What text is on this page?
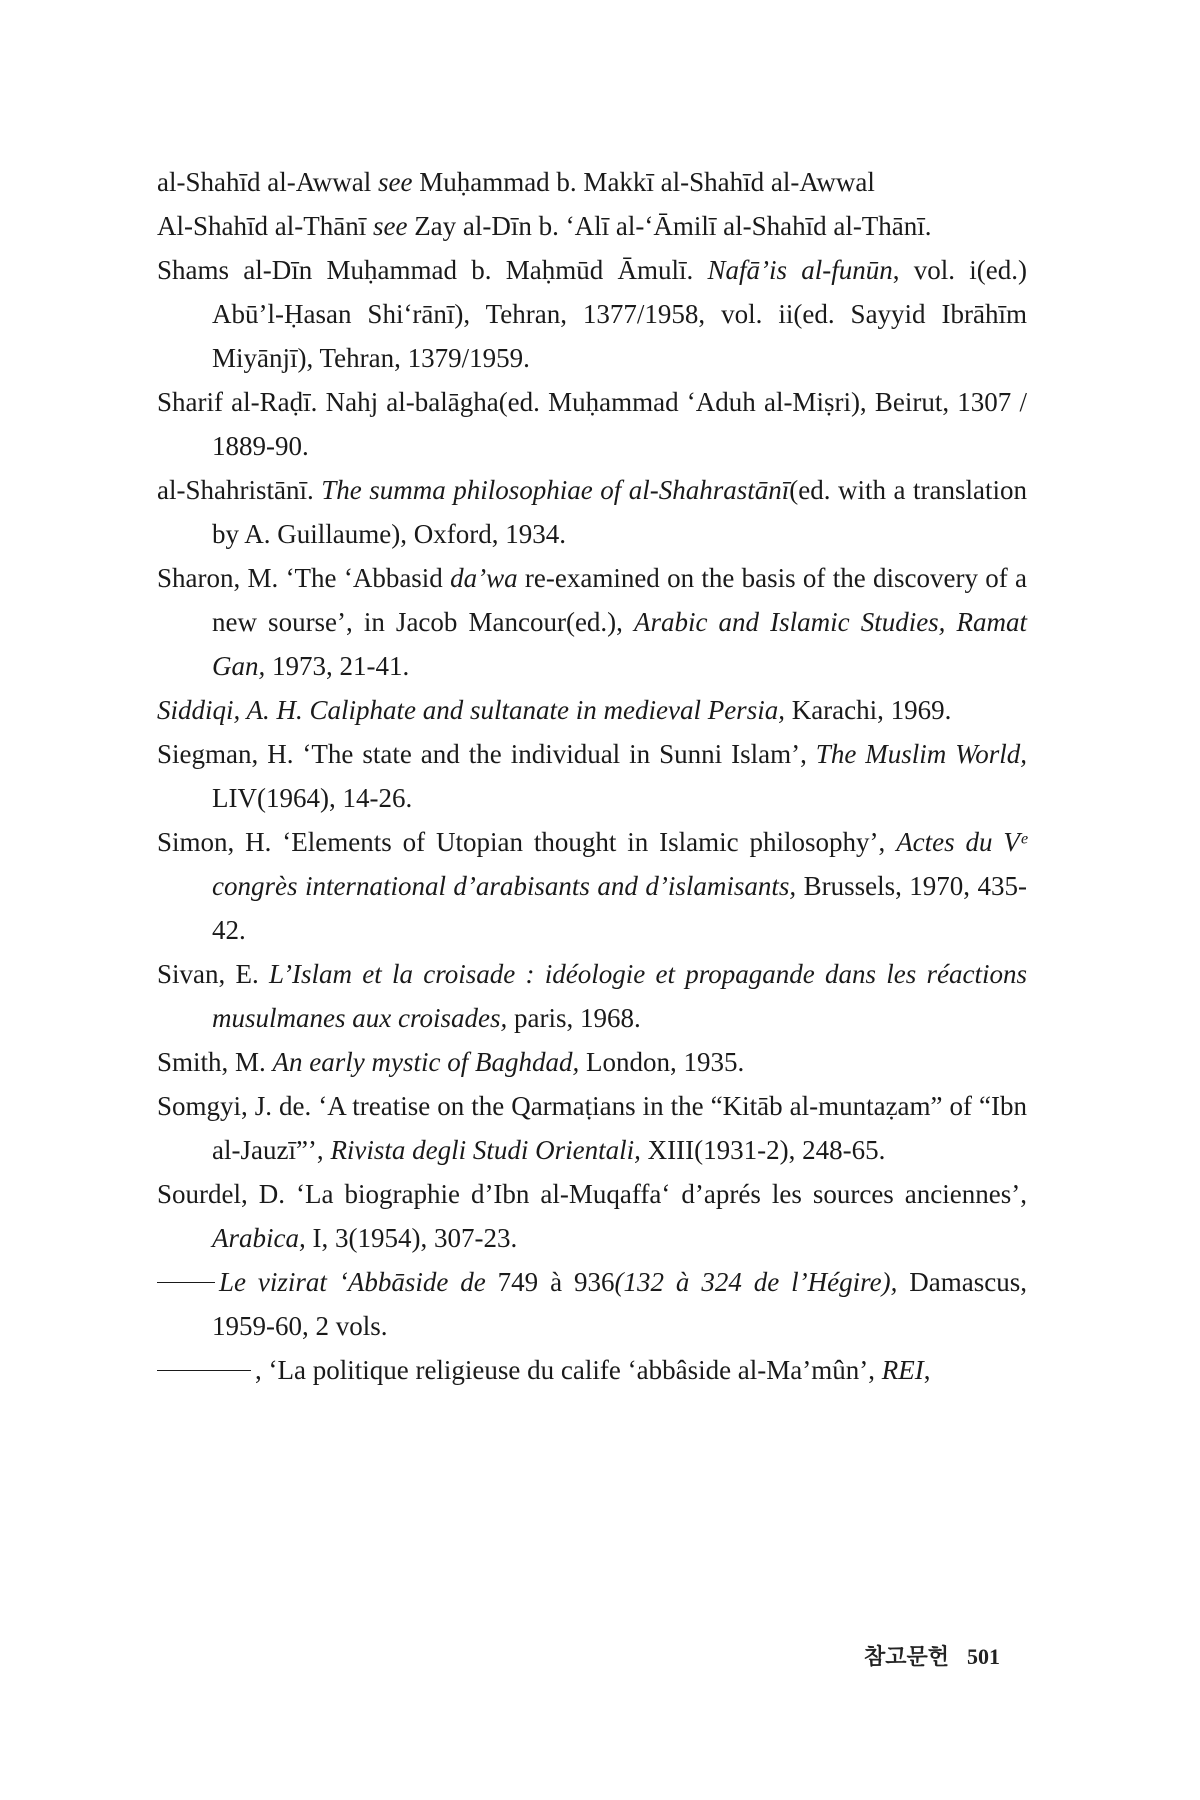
al-Shahīd al-Awwal see Muḥammad b. Makkī al-Shahīd al-Awwal

Al-Shahīd al-Thānī see Zay al-Dīn b. ‘Alī al-‘Āmilī al-Shahīd al-Thānī.

Shams al-Dīn Muḥammad b. Maḥmūd Āmulī. Nafā’is al-funūn, vol. i(ed.) Abū’l-Ḥasan Shi‘rānī), Tehran, 1377/1958, vol. ii(ed. Sayyid Ibrāhīm Miyānjī), Tehran, 1379/1959.

Sharif al-Raḍī. Nahj al-balāgha(ed. Muḥammad ‘Aduh al-Miṣri), Beirut, 1307 / 1889-90.

al-Shahristānī. The summa philosophiae of al-Shahrastānī(ed. with a translation by A. Guillaume), Oxford, 1934.

Sharon, M. ‘The ‘Abbasid da’wa re-examined on the basis of the discovery of a new sourse’, in Jacob Mancour(ed.), Arabic and Islamic Studies, Ramat Gan, 1973, 21-41.

Siddiqi, A. H. Caliphate and sultanate in medieval Persia, Karachi, 1969.

Siegman, H. ‘The state and the individual in Sunni Islam’, The Muslim World, LIV(1964), 14-26.

Simon, H. ‘Elements of Utopian thought in Islamic philosophy’, Actes du Vᵉ congrès international d’arabisants and d’islamisants, Brussels, 1970, 435-42.

Sivan, E. L’Islam et la croisade : idéologie et propagande dans les réactions musulmanes aux croisades, paris, 1968.

Smith, M. An early mystic of Baghdad, London, 1935.

Somgyi, J. de. ‘A treatise on the Qarmaṭians in the “Kitāb al-muntaẓam” of “Ibn al-Jauzī”’, Rivista degli Studi Orientali, XIII(1931-2), 248-65.

Sourdel, D. ‘La biographie d’Ibn al-Muqaffa‘ d’aprés les sources anciennes’, Arabica, I, 3(1954), 307-23.

Le vizirat ‘Abbāside de 749 à 936(132 à 324 de l’Hégire), Damascus, 1959-60, 2 vols.

, ‘La politique religieuse du calife ‘abbâside al-Ma’mûn’, REI,

참고문헌 501
